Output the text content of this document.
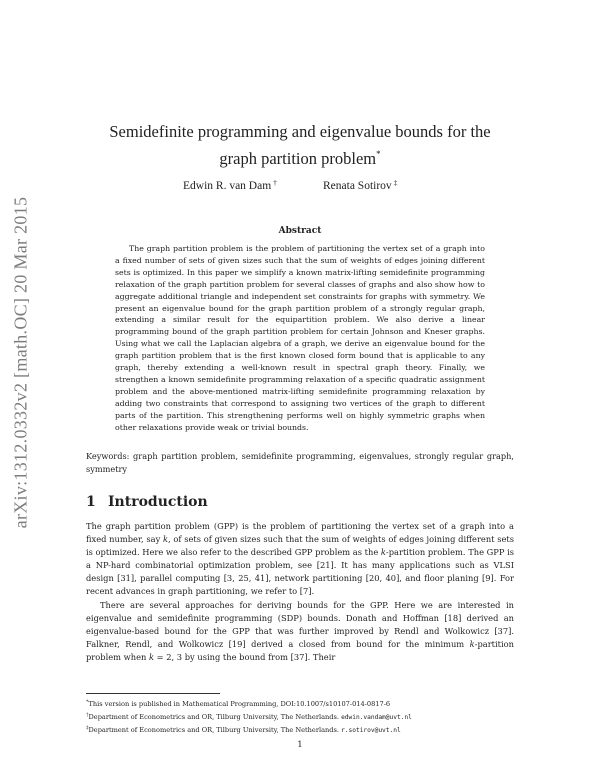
arXiv:1312.0332v2 [math.OC] 20 Mar 2015
Semidefinite programming and eigenvalue bounds for the
graph partition problem*
Edwin R. van Dam †	Renata Sotirov ‡
Abstract
The graph partition problem is the problem of partitioning the vertex set of a graph into a fixed number of sets of given sizes such that the sum of weights of edges joining different sets is optimized. In this paper we simplify a known matrix-lifting semidefinite programming relaxation of the graph partition problem for several classes of graphs and also show how to aggregate additional triangle and independent set constraints for graphs with symmetry. We present an eigenvalue bound for the graph partition problem of a strongly regular graph, extending a similar result for the equipartition problem. We also derive a linear programming bound of the graph partition problem for certain Johnson and Kneser graphs. Using what we call the Laplacian algebra of a graph, we derive an eigenvalue bound for the graph partition problem that is the first known closed form bound that is applicable to any graph, thereby extending a well-known result in spectral graph theory. Finally, we strengthen a known semidefinite programming relaxation of a specific quadratic assignment problem and the above-mentioned matrix-lifting semidefinite programming relaxation by adding two constraints that correspond to assigning two vertices of the graph to different parts of the partition. This strengthening performs well on highly symmetric graphs when other relaxations provide weak or trivial bounds.
Keywords: graph partition problem, semidefinite programming, eigenvalues, strongly regular graph, symmetry
1 Introduction

The graph partition problem (GPP) is the problem of partitioning the vertex set of a graph into a fixed number, say k, of sets of given sizes such that the sum of weights of edges joining different sets is optimized. Here we also refer to the described GPP problem as the k-partition problem. The GPP is a NP-hard combinatorial optimization problem, see [21]. It has many applications such as VLSI design [31], parallel computing [3, 25, 41], network partitioning [20, 40], and floor planing [9]. For recent advances in graph partitioning, we refer to [7].

There are several approaches for deriving bounds for the GPP. Here we are interested in eigenvalue and semidefinite programming (SDP) bounds. Donath and Hoffman [18] derived an eigenvalue-based bound for the GPP that was further improved by Rendl and Wolkowicz [37]. Falkner, Rendl, and Wolkowicz [19] derived a closed from bound for the minimum k-partition problem when k = 2, 3 by using the bound from [37]. Their

*This version is published in Mathematical Programming, DOI:10.1007/s10107-014-0817-6
†Department of Econometrics and OR, Tilburg University, The Netherlands. edwin.vandam@uvt.nl
‡Department of Econometrics and OR, Tilburg University, The Netherlands. r.sotirov@uvt.nl
1
